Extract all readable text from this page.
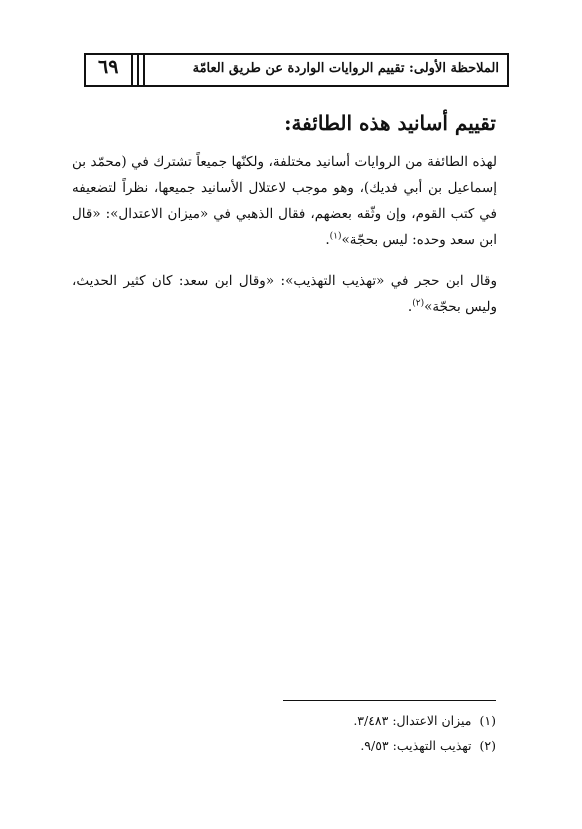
الملاحظة الأولى: تقييم الروايات الواردة عن طريق العامّة
٦٩
تقييم أسانيد هذه الطائفة:

لهذه الطائفة من الروايات أسانيد مختلفة، ولكنّها جميعاً تشترك في (محمّد بن إسماعيل بن أبي فديك)، وهو موجب لاعتلال الأسانيد جميعها، نظراً لتضعيفه في كتب القوم، وإن وثّقه بعضهم، فقال الذهبي في «ميزان الاعتدال»: «قال ابن سعد وحده: ليس بحجّة»$^{(١)}$.

وقال ابن حجر في «تهذيب التهذيب»: «وقال ابن سعد: كان كثير الحديث، وليس بحجّة»$^{(٢)}$.

(١)ميزان الاعتدال: ٣/٤٨٣.
(٢)تهذيب التهذيب: ٩/٥٣.
